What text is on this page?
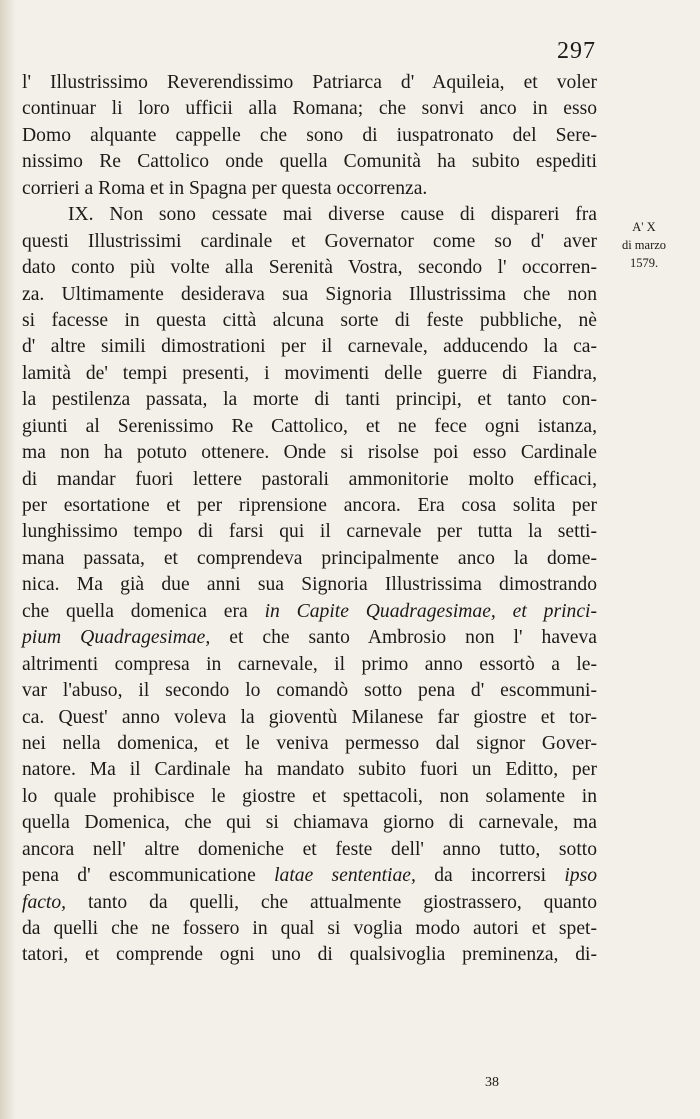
297
l' Illustrissimo Reverendissimo Patriarca d' Aquileia, et voler
continuar li loro ufficii alla Romana; che sonvi anco in esso
Domo alquante cappelle che sono di iuspatronato del Sere-
nissimo Re Cattolico onde quella Comunità ha subito espediti
corrieri a Roma et in Spagna per questa occorrenza.
IX. Non sono cessate mai diverse cause di dispareri fra
questi Illustrissimi cardinale et Governator come so d' aver
dato conto più volte alla Serenità Vostra, secondo l' occorren-
za. Ultimamente desiderava sua Signoria Illustrissima che non
si facesse in questa città alcuna sorte di feste pubbliche, nè
d' altre simili dimostrationi per il carnevale, adducendo la ca-
lamità de' tempi presenti, i movimenti delle guerre di Fiandra,
la pestilenza passata, la morte di tanti principi, et tanto con-
giunti al Serenissimo Re Cattolico, et ne fece ogni istanza,
ma non ha potuto ottenere. Onde si risolse poi esso Cardinale
di mandar fuori lettere pastorali ammonitorie molto efficaci,
per esortatione et per riprensione ancora. Era cosa solita per
lunghissimo tempo di farsi qui il carnevale per tutta la setti-
mana passata, et comprendeva principalmente anco la dome-
nica. Ma già due anni sua Signoria Illustrissima dimostrando
che quella domenica era in Capite Quadragesimae, et princi-
pium Quadragesimae, et che santo Ambrosio non l' haveva
altrimenti compresa in carnevale, il primo anno essortò a le-
var l'abuso, il secondo lo comandò sotto pena d' escommuni-
ca. Quest' anno voleva la gioventù Milanese far giostre et tor-
nei nella domenica, et le veniva permesso dal signor Gover-
natore. Ma il Cardinale ha mandato subito fuori un Editto, per
lo quale prohibisce le giostre et spettacoli, non solamente in
quella Domenica, che qui si chiamava giorno di carnevale, ma
ancora nell' altre domeniche et feste dell' anno tutto, sotto
pena d' escommunicatione latae sententiae, da incorrersi ipso
facto, tanto da quelli, che attualmente giostrassero, quanto
da quelli che ne fossero in qual si voglia modo autori et spet-
tatori, et comprende ogni uno di qualsivoglia preminenza, di-
A' X
di marzo
1579.
38
